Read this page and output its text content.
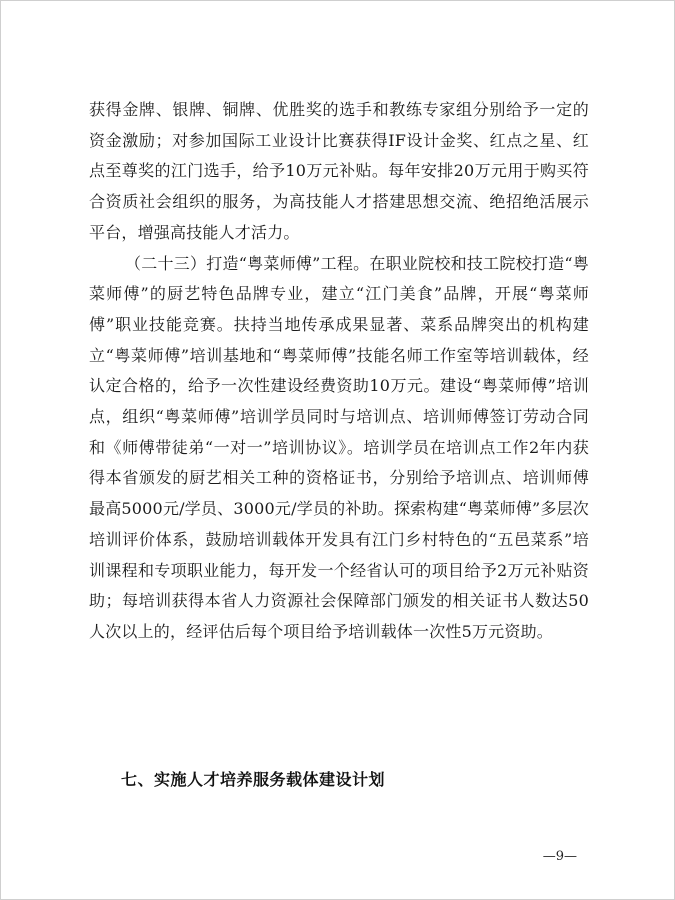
获得金牌、银牌、铜牌、优胜奖的选手和教练专家组分别给予一定的资金激励；对参加国际工业设计比赛获得IF设计金奖、红点之星、红点至尊奖的江门选手，给予10万元补贴。每年安排20万元用于购买符合资质社会组织的服务，为高技能人才搭建思想交流、绝招绝活展示平台，增强高技能人才活力。

（二十三）打造“粤菜师傅”工程。在职业院校和技工院校打造“粤菜师傅”的厨艺特色品牌专业，建立“江门美食”品牌，开展“粤菜师傅”职业技能竞赛。扶持当地传承成果显著、菜系品牌突出的机构建立“粤菜师傅”培训基地和“粤菜师傅”技能名师工作室等培训载体，经认定合格的，给予一次性建设经费资助10万元。建设“粤菜师傅”培训点，组织“粤菜师傅”培训学员同时与培训点、培训师傅签订劳动合同和《师傅带徒弟“一对一”培训协议》。培训学员在培训点工作2年内获得本省颁发的厨艺相关工种的资格证书，分别给予培训点、培训师傅最高5000元/学员、3000元/学员的补助。探索构建“粤菜师傅”多层次培训评价体系，鼓励培训载体开发具有江门乡村特色的“五邑菜系”培训课程和专项职业能力，每开发一个经省认可的项目给予2万元补贴资助；每培训获得本省人力资源社会保障部门颁发的相关证书人数达50人次以上的，经评估后每个项目给予培训载体一次性5万元资助。

七、实施人才培养服务载体建设计划
—9—
